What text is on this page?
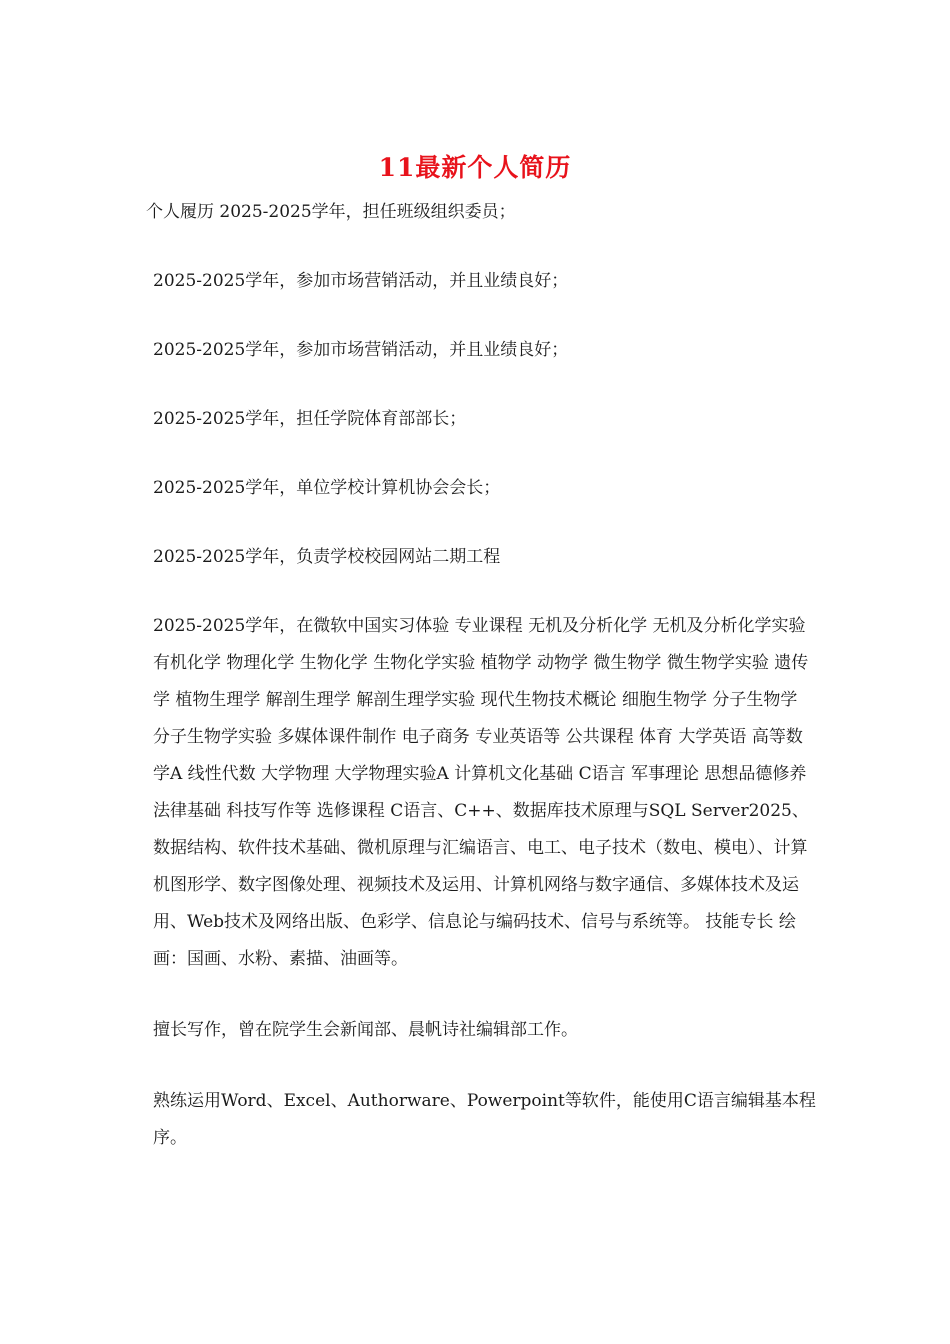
11最新个人简历

个人履历 2025-2025学年，担任班级组织委员；

2025-2025学年，参加市场营销活动，并且业绩良好；

2025-2025学年，参加市场营销活动，并且业绩良好；

2025-2025学年，担任学院体育部部长；

2025-2025学年，单位学校计算机协会会长；

2025-2025学年，负责学校校园网站二期工程

2025-2025学年，在微软中国实习体验 专业课程 无机及分析化学 无机及分析化学实验 有机化学 物理化学 生物化学 生物化学实验 植物学 动物学 微生物学 微生物学实验 遗传学 植物生理学 解剖生理学 解剖生理学实验 现代生物技术概论 细胞生物学 分子生物学 分子生物学实验 多媒体课件制作 电子商务 专业英语等 公共课程 体育 大学英语 高等数学A 线性代数 大学物理 大学物理实验A 计算机文化基础 C语言 军事理论 思想品德修养 法律基础 科技写作等 选修课程 C语言、C++、数据库技术原理与SQL Server2025、数据结构、软件技术基础、微机原理与汇编语言、电工、电子技术（数电、模电）、计算机图形学、数字图像处理、视频技术及运用、计算机网络与数字通信、多媒体技术及运用、Web技术及网络出版、色彩学、信息论与编码技术、信号与系统等。 技能专长 绘画：国画、水粉、素描、油画等。

擅长写作，曾在院学生会新闻部、晨帆诗社编辑部工作。

熟练运用Word、Excel、Authorware、Powerpoint等软件，能使用C语言编辑基本程序。
